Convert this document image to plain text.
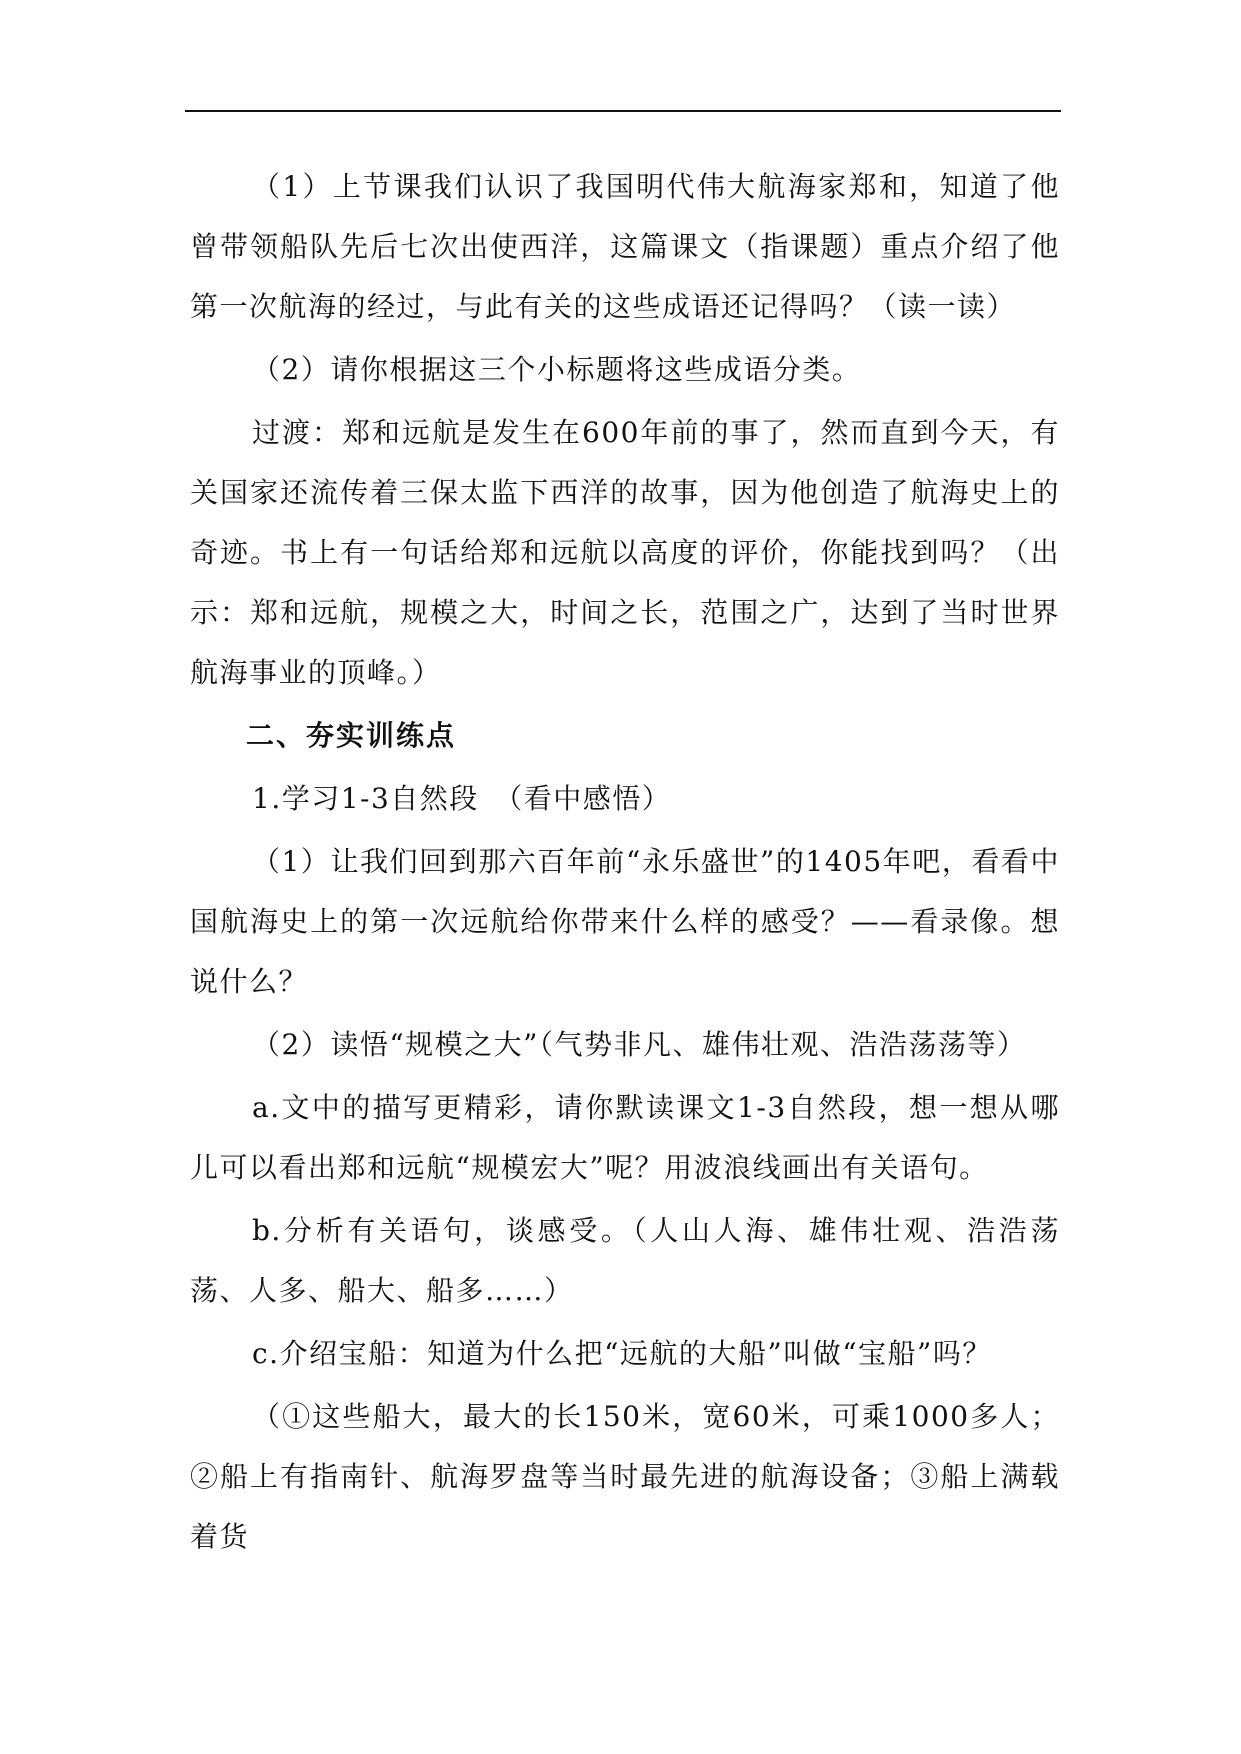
（1）上节课我们认识了我国明代伟大航海家郑和，知道了他曾带领船队先后七次出使西洋，这篇课文（指课题）重点介绍了他第一次航海的经过，与此有关的这些成语还记得吗？（读一读）

（2）请你根据这三个小标题将这些成语分类。

过渡：郑和远航是发生在600年前的事了，然而直到今天，有关国家还流传着三保太监下西洋的故事，因为他创造了航海史上的奇迹。书上有一句话给郑和远航以高度的评价，你能找到吗？（出示：郑和远航，规模之大，时间之长，范围之广，达到了当时世界航海事业的顶峰。）

二、夯实训练点

1.学习1-3自然段　（看中感悟）

（1）让我们回到那六百年前“永乐盛世”的1405年吧，看看中国航海史上的第一次远航给你带来什么样的感受？——看录像。想说什么？

（2）读悟“规模之大”（气势非凡、雄伟壮观、浩浩荡荡等）

a.文中的描写更精彩，请你默读课文1-3自然段，想一想从哪儿可以看出郑和远航“规模宏大”呢？用波浪线画出有关语句。

b.分析有关语句，谈感受。（人山人海、雄伟壮观、浩浩荡荡、人多、船大、船多……）

c.介绍宝船：知道为什么把“远航的大船”叫做“宝船”吗？

（①这些船大，最大的长150米，宽60米，可乘1000多人；②船上有指南针、航海罗盘等当时最先进的航海设备；③船上满载着货
